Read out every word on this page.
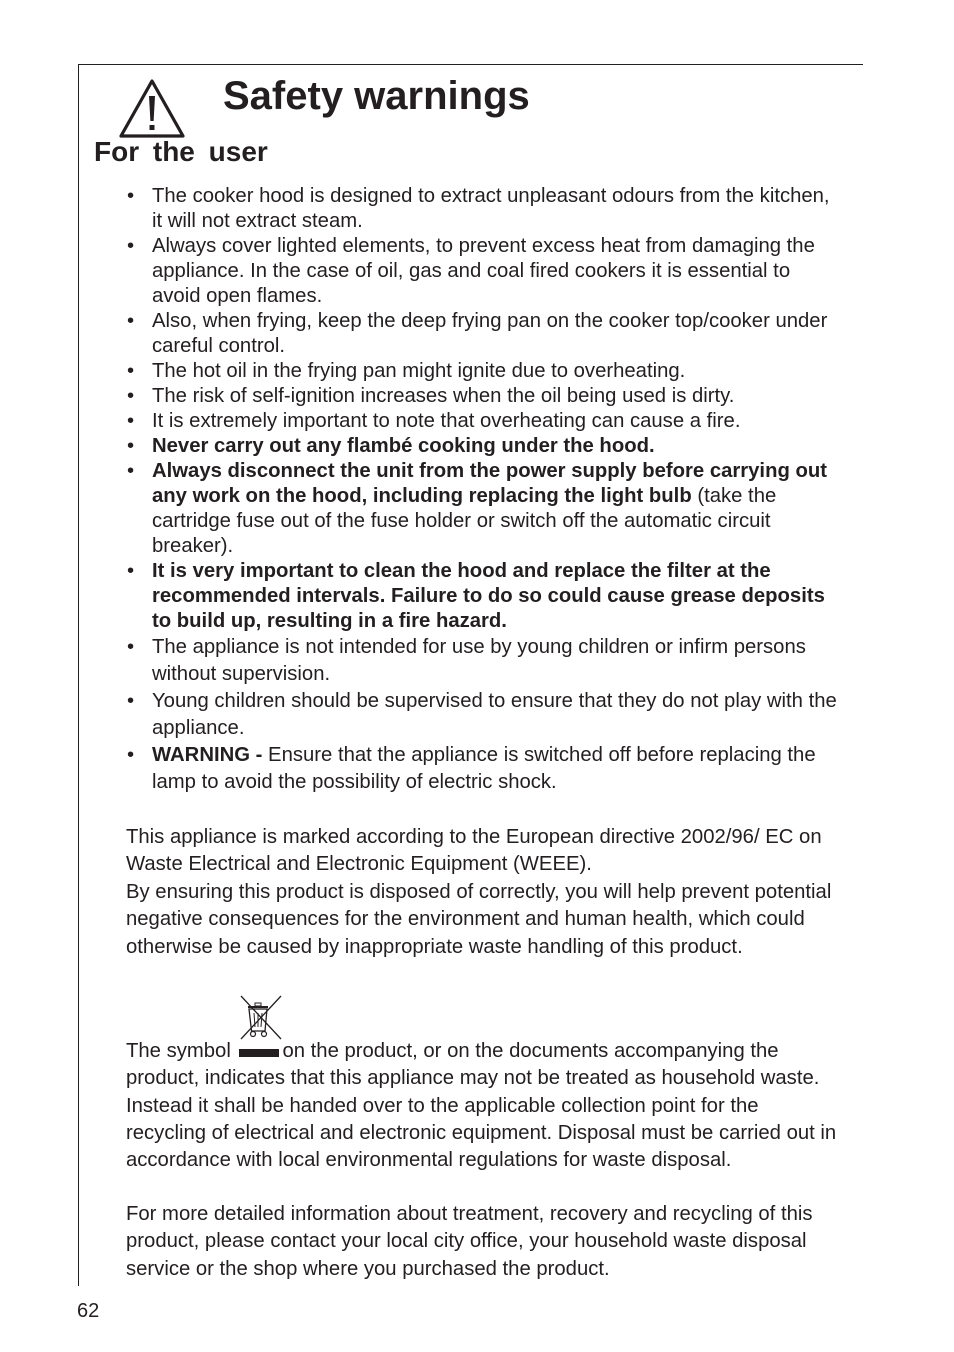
Safety warnings
For the user
• The cooker hood is designed to extract unpleasant odours from the kitchen, it will not extract steam.
• Always cover lighted elements, to prevent excess heat from damaging the appliance. In the case of oil, gas and coal fired cookers it is essential to avoid open flames.
• Also, when frying, keep the deep frying pan on the cooker top/cooker under careful control.
• The hot oil in the frying pan might ignite due to overheating.
• The risk of self-ignition increases when the oil being used is dirty.
• It is extremely important to note that overheating can cause a fire.
• Never carry out any flambé cooking under the hood.
• Always disconnect the unit from the power supply before carrying out any work on the hood, including replacing the light bulb (take the cartridge fuse out of the fuse holder or switch off the automatic circuit breaker).
• It is very important to clean the hood and replace the filter at the recommended intervals. Failure to do so could cause grease deposits to build up, resulting in a fire hazard.
• The appliance is not intended for use by young children or infirm persons without supervision.
• Young children should be supervised to ensure that they do not play with the appliance.
• WARNING - Ensure that the appliance is switched off before replacing the lamp to avoid the possibility of electric shock.

This appliance is marked according to the European directive 2002/96/ EC on Waste Electrical and Electronic Equipment (WEEE).

By ensuring this product is disposed of correctly, you will help prevent potential negative consequences for the environment and human health, which could otherwise be caused by inappropriate waste handling of this product.

The symbol
on the product, or on the documents accompanying the product, indicates that this appliance may not be treated as household waste. Instead it shall be handed over to the applicable collection point for the recycling of electrical and electronic equipment. Disposal must be carried out in accordance with local environmental regulations for waste disposal.

For more detailed information about treatment, recovery and recycling of this product, please contact your local city office, your household waste disposal service or the shop where you purchased the product.

62
